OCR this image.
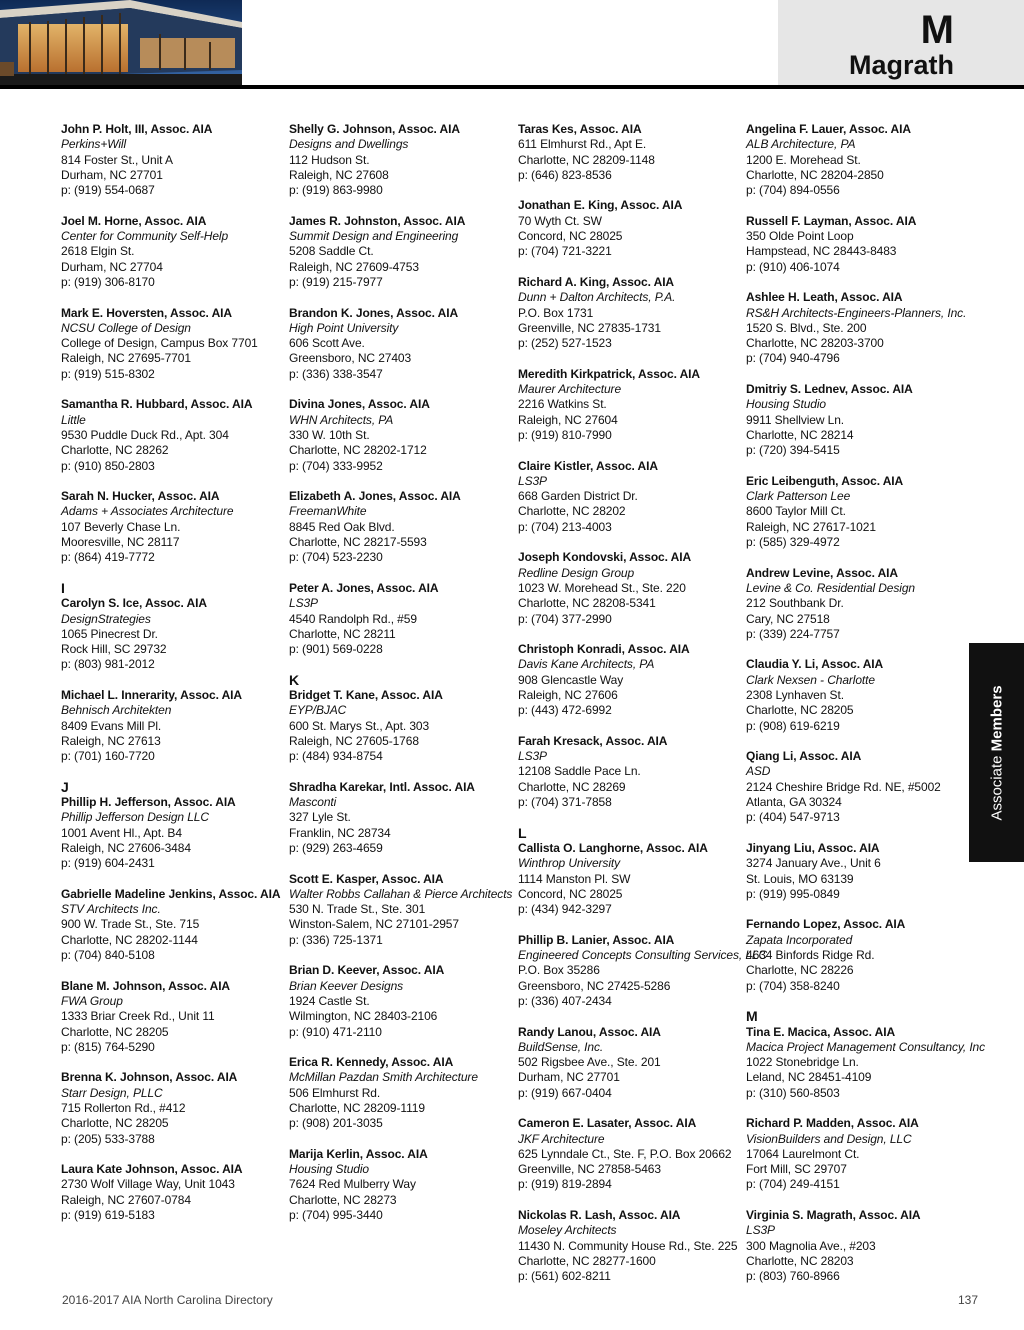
M
Magrath
John P. Holt, III, Assoc. AIA
Perkins+Will
814 Foster St., Unit A
Durham, NC 27701
p: (919) 554-0687
Joel M. Horne, Assoc. AIA
Center for Community Self-Help
2618 Elgin St.
Durham, NC 27704
p: (919) 306-8170
Mark E. Hoversten, Assoc. AIA
NCSU College of Design
College of Design, Campus Box 7701
Raleigh, NC 27695-7701
p: (919) 515-8302
Samantha R. Hubbard, Assoc. AIA
Little
9530 Puddle Duck Rd., Apt. 304
Charlotte, NC 28262
p: (910) 850-2803
Sarah N. Hucker, Assoc. AIA
Adams + Associates Architecture
107 Beverly Chase Ln.
Mooresville, NC 28117
p: (864) 419-7772
I
Carolyn S. Ice, Assoc. AIA
DesignStrategies
1065 Pinecrest Dr.
Rock Hill, SC 29732
p: (803) 981-2012
Michael L. Innerarity, Assoc. AIA
Behnisch Architekten
8409 Evans Mill Pl.
Raleigh, NC 27613
p: (701) 160-7720
J
Phillip H. Jefferson, Assoc. AIA
Phillip Jefferson Design LLC
1001 Avent Hl., Apt. B4
Raleigh, NC 27606-3484
p: (919) 604-2431
Gabrielle Madeline Jenkins, Assoc. AIA
STV Architects Inc.
900 W. Trade St., Ste. 715
Charlotte, NC 28202-1144
p: (704) 840-5108
Blane M. Johnson, Assoc. AIA
FWA Group
1333 Briar Creek Rd., Unit 11
Charlotte, NC 28205
p: (815) 764-5290
Brenna K. Johnson, Assoc. AIA
Starr Design, PLLC
715 Rollerton Rd., #412
Charlotte, NC 28205
p: (205) 533-3788
Laura Kate Johnson, Assoc. AIA
2730 Wolf Village Way, Unit 1043
Raleigh, NC 27607-0784
p: (919) 619-5183
Shelly G. Johnson, Assoc. AIA
Designs and Dwellings
112 Hudson St.
Raleigh, NC 27608
p: (919) 863-9980
James R. Johnston, Assoc. AIA
Summit Design and Engineering
5208 Saddle Ct.
Raleigh, NC 27609-4753
p: (919) 215-7977
Brandon K. Jones, Assoc. AIA
High Point University
606 Scott Ave.
Greensboro, NC 27403
p: (336) 338-3547
Divina Jones, Assoc. AIA
WHN Architects, PA
330 W. 10th St.
Charlotte, NC 28202-1712
p: (704) 333-9952
Elizabeth A. Jones, Assoc. AIA
FreemanWhite
8845 Red Oak Blvd.
Charlotte, NC 28217-5593
p: (704) 523-2230
Peter A. Jones, Assoc. AIA
LS3P
4540 Randolph Rd., #59
Charlotte, NC 28211
p: (901) 569-0228
K
Bridget T. Kane, Assoc. AIA
EYP/BJAC
600 St. Marys St., Apt. 303
Raleigh, NC 27605-1768
p: (484) 934-8754
Shradha Karekar, Intl. Assoc. AIA
Masconti
327 Lyle St.
Franklin, NC 28734
p: (929) 263-4659
Scott E. Kasper, Assoc. AIA
Walter Robbs Callahan & Pierce Architects
530 N. Trade St., Ste. 301
Winston-Salem, NC 27101-2957
p: (336) 725-1371
Brian D. Keever, Assoc. AIA
Brian Keever Designs
1924 Castle St.
Wilmington, NC 28403-2106
p: (910) 471-2110
Erica R. Kennedy, Assoc. AIA
McMillan Pazdan Smith Architecture
506 Elmhurst Rd.
Charlotte, NC 28209-1119
p: (908) 201-3035
Marija Kerlin, Assoc. AIA
Housing Studio
7624 Red Mulberry Way
Charlotte, NC 28273
p: (704) 995-3440
Taras Kes, Assoc. AIA
611 Elmhurst Rd., Apt E.
Charlotte, NC 28209-1148
p: (646) 823-8536
Jonathan E. King, Assoc. AIA
70 Wyth Ct. SW
Concord, NC 28025
p: (704) 721-3221
Richard A. King, Assoc. AIA
Dunn + Dalton Architects, P.A.
P.O. Box 1731
Greenville, NC 27835-1731
p: (252) 527-1523
Meredith Kirkpatrick, Assoc. AIA
Maurer Architecture
2216 Watkins St.
Raleigh, NC 27604
p: (919) 810-7990
Claire Kistler, Assoc. AIA
LS3P
668 Garden District Dr.
Charlotte, NC 28202
p: (704) 213-4003
Joseph Kondovski, Assoc. AIA
Redline Design Group
1023 W. Morehead St., Ste. 220
Charlotte, NC 28208-5341
p: (704) 377-2990
Christoph Konradi, Assoc. AIA
Davis Kane Architects, PA
908 Glencastle Way
Raleigh, NC 27606
p: (443) 472-6992
Farah Kresack, Assoc. AIA
LS3P
12108 Saddle Pace Ln.
Charlotte, NC 28269
p: (704) 371-7858
L
Callista O. Langhorne, Assoc. AIA
Winthrop University
1114 Manston Pl. SW
Concord, NC 28025
p: (434) 942-3297
Phillip B. Lanier, Assoc. AIA
Engineered Concepts Consulting Services, LLC
P.O. Box 35286
Greensboro, NC 27425-5286
p: (336) 407-2434
Randy Lanou, Assoc. AIA
BuildSense, Inc.
502 Rigsbee Ave., Ste. 201
Durham, NC 27701
p: (919) 667-0404
Cameron E. Lasater, Assoc. AIA
JKF Architecture
625 Lynndale Ct., Ste. F, P.O. Box 20662
Greenville, NC 27858-5463
p: (919) 819-2894
Nickolas R. Lash, Assoc. AIA
Moseley Architects
11430 N. Community House Rd., Ste. 225
Charlotte, NC 28277-1600
p: (561) 602-8211
Angelina F. Lauer, Assoc. AIA
ALB Architecture, PA
1200 E. Morehead St.
Charlotte, NC 28204-2850
p: (704) 894-0556
Russell F. Layman, Assoc. AIA
350 Olde Point Loop
Hampstead, NC 28443-8483
p: (910) 406-1074
Ashlee H. Leath, Assoc. AIA
RS&H Architects-Engineers-Planners, Inc.
1520 S. Blvd., Ste. 200
Charlotte, NC 28203-3700
p: (704) 940-4796
Dmitriy S. Lednev, Assoc. AIA
Housing Studio
9911 Shellview Ln.
Charlotte, NC 28214
p: (720) 394-5415
Eric Leibenguth, Assoc. AIA
Clark Patterson Lee
8600 Taylor Mill Ct.
Raleigh, NC 27617-1021
p: (585) 329-4972
Andrew Levine, Assoc. AIA
Levine & Co. Residential Design
212 Southbank Dr.
Cary, NC 27518
p: (339) 224-7757
Claudia Y. Li, Assoc. AIA
Clark Nexsen - Charlotte
2308 Lynhaven St.
Charlotte, NC 28205
p: (908) 619-6219
Qiang Li, Assoc. AIA
ASD
2124 Cheshire Bridge Rd. NE, #5002
Atlanta, GA 30324
p: (404) 547-9713
Jinyang Liu, Assoc. AIA
3274 January Ave., Unit 6
St. Louis, MO 63139
p: (919) 995-0849
Fernando Lopez, Assoc. AIA
Zapata Incorporated
4634 Binfords Ridge Rd.
Charlotte, NC 28226
p: (704) 358-8240
M
Tina E. Macica, Assoc. AIA
Macica Project Management Consultancy, Inc
1022 Stonebridge Ln.
Leland, NC 28451-4109
p: (310) 560-8503
Richard P. Madden, Assoc. AIA
VisionBuilders and Design, LLC
17064 Laurelmont Ct.
Fort Mill, SC 29707
p: (704) 249-4151
Virginia S. Magrath, Assoc. AIA
LS3P
300 Magnolia Ave., #203
Charlotte, NC 28203
p: (803) 760-8966
Associate Members
2016-2017 AIA North Carolina Directory	137
